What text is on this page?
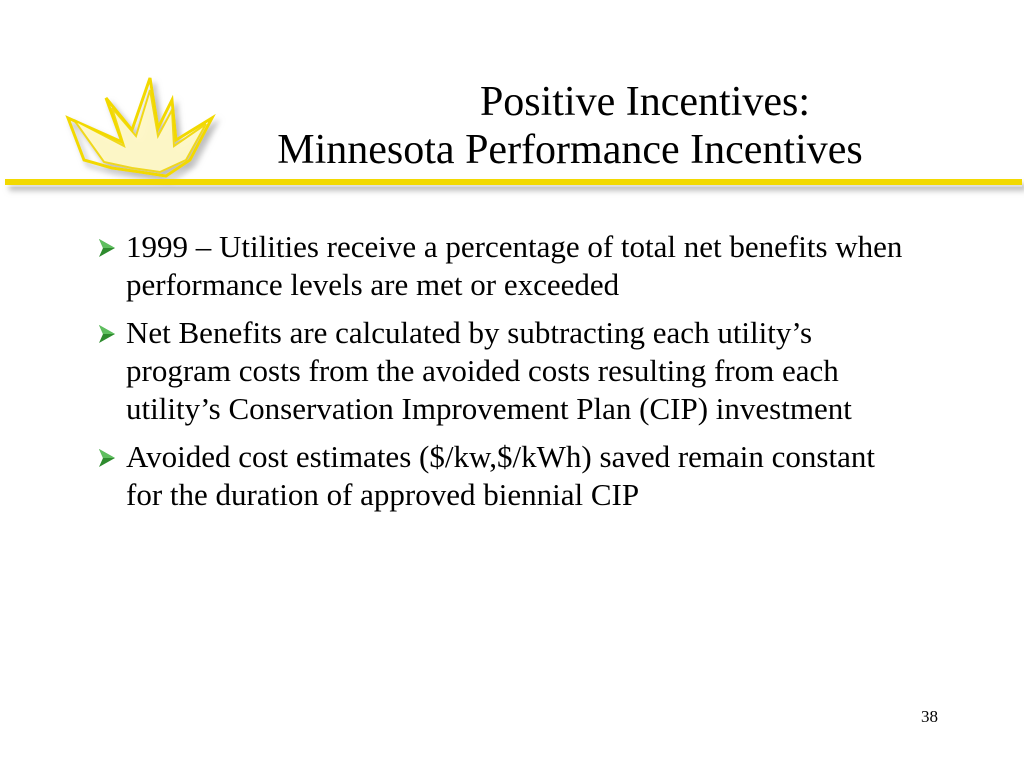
Positive Incentives:
Minnesota Performance Incentives
1999 – Utilities receive a percentage of total net benefits when performance levels are met or exceeded
Net Benefits are calculated by subtracting each utility’s program costs from the avoided costs resulting from each utility’s Conservation Improvement Plan (CIP) investment
Avoided cost estimates ($/kw,$/kWh) saved remain constant for the duration of approved biennial CIP
38
